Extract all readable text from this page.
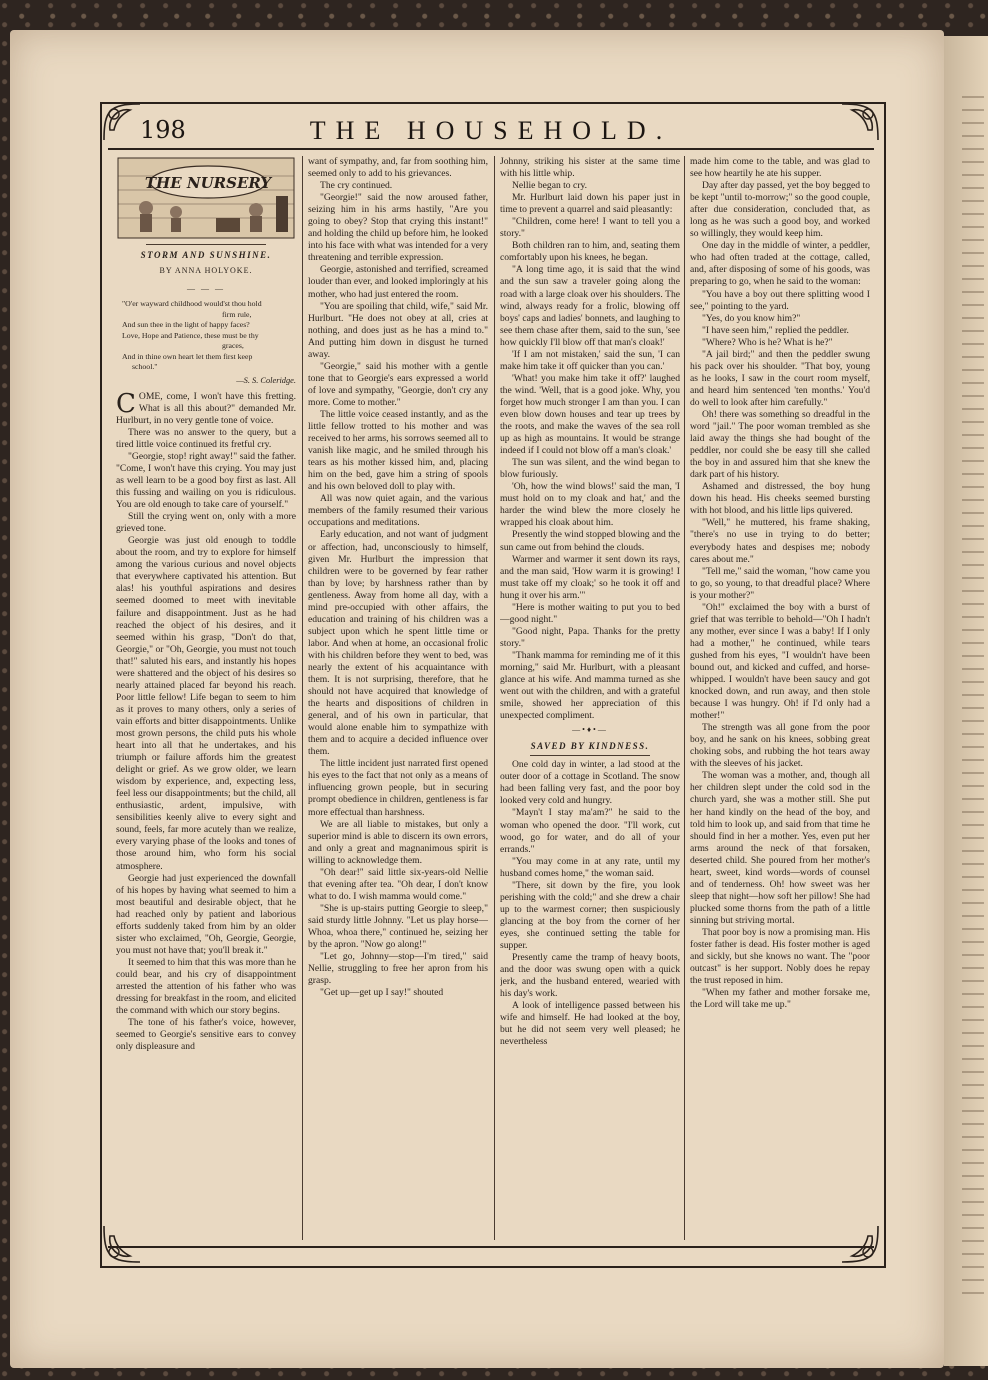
198	THE HOUSEHOLD.
THE NURSERY
STORM AND SUNSHINE.
BY ANNA HOLYOKE.
— — —
"O'er wayward childhood would'st thou hold
firm rule,
And sun thee in the light of happy faces?
Love, Hope and Patience, these must be thy
graces,
And in thine own heart let them first keep
school."
—S. S. Coleridge.

COME, come, I won't have this fretting. What is all this about?" demanded Mr. Hurlburt, in no very gentle tone of voice.

There was no answer to the query, but a tired little voice continued its fretful cry.

"Georgie, stop! right away!" said the father. "Come, I won't have this crying. You may just as well learn to be a good boy first as last. All this fussing and wailing on you is ridiculous. You are old enough to take care of yourself."

Still the crying went on, only with a more grieved tone.

Georgie was just old enough to toddle about the room, and try to explore for himself among the various curious and novel objects that everywhere captivated his attention. But alas! his youthful aspirations and desires seemed doomed to meet with inevitable failure and disappointment. Just as he had reached the object of his desires, and it seemed within his grasp, "Don't do that, Georgie," or "Oh, Georgie, you must not touch that!" saluted his ears, and instantly his hopes were shattered and the object of his desires so nearly attained placed far beyond his reach. Poor little fellow! Life began to seem to him as it proves to many others, only a series of vain efforts and bitter disappointments. Unlike most grown persons, the child puts his whole heart into all that he undertakes, and his triumph or failure affords him the greatest delight or grief. As we grow older, we learn wisdom by experience, and, expecting less, feel less our disappointments; but the child, all enthusiastic, ardent, impulsive, with sensibilities keenly alive to every sight and sound, feels, far more acutely than we realize, every varying phase of the looks and tones of those around him, who form his social atmosphere.

Georgie had just experienced the downfall of his hopes by having what seemed to him a most beautiful and desirable object, that he had reached only by patient and laborious efforts suddenly taked from him by an older sister who exclaimed, "Oh, Georgie, Georgie, you must not have that; you'll break it."

It seemed to him that this was more than he could bear, and his cry of disappointment arrested the attention of his father who was dressing for breakfast in the room, and elicited the command with which our story begins.

The tone of his father's voice, however, seemed to Georgie's sensitive ears to convey only displeasure and

want of sympathy, and, far from soothing him, seemed only to add to his grievances.

The cry continued.

"Georgie!" said the now aroused father, seizing him in his arms hastily, "Are you going to obey? Stop that crying this instant!" and holding the child up before him, he looked into his face with what was intended for a very threatening and terrible expression.

Georgie, astonished and terrified, screamed louder than ever, and looked imploringly at his mother, who had just entered the room.

"You are spoiling that child, wife," said Mr. Hurlburt. "He does not obey at all, cries at nothing, and does just as he has a mind to." And putting him down in disgust he turned away.

"Georgie," said his mother with a gentle tone that to Georgie's ears expressed a world of love and sympathy, "Georgie, don't cry any more. Come to mother."

The little voice ceased instantly, and as the little fellow trotted to his mother and was received to her arms, his sorrows seemed all to vanish like magic, and he smiled through his tears as his mother kissed him, and, placing him on the bed, gave him a string of spools and his own beloved doll to play with.

All was now quiet again, and the various members of the family resumed their various occupations and meditations.

Early education, and not want of judgment or affection, had, unconsciously to himself, given Mr. Hurlburt the impression that children were to be governed by fear rather than by love; by harshness rather than by gentleness. Away from home all day, with a mind pre-occupied with other affairs, the education and training of his children was a subject upon which he spent little time or labor. And when at home, an occasional frolic with his children before they went to bed, was nearly the extent of his acquaintance with them. It is not surprising, therefore, that he should not have acquired that knowledge of the hearts and dispositions of children in general, and of his own in particular, that would alone enable him to sympathize with them and to acquire a decided influence over them.

The little incident just narrated first opened his eyes to the fact that not only as a means of influencing grown people, but in securing prompt obedience in children, gentleness is far more effectual than harshness.

We are all liable to mistakes, but only a superior mind is able to discern its own errors, and only a great and magnanimous spirit is willing to acknowledge them.

"Oh dear!" said little six-years-old Nellie that evening after tea. "Oh dear, I don't know what to do. I wish mamma would come."

"She is up-stairs putting Georgie to sleep," said sturdy little Johnny. "Let us play horse—Whoa, whoa there," continued he, seizing her by the apron. "Now go along!"

"Let go, Johnny—stop—I'm tired," said Nellie, struggling to free her apron from his grasp.

"Get up—get up I say!" shouted

Johnny, striking his sister at the same time with his little whip.

Nellie began to cry.

Mr. Hurlburt laid down his paper just in time to prevent a quarrel and said pleasantly:

"Children, come here! I want to tell you a story."

Both children ran to him, and, seating them comfortably upon his knees, he began.

"A long time ago, it is said that the wind and the sun saw a traveler going along the road with a large cloak over his shoulders. The wind, always ready for a frolic, blowing off boys' caps and ladies' bonnets, and laughing to see them chase after them, said to the sun, 'see how quickly I'll blow off that man's cloak!'

'If I am not mistaken,' said the sun, 'I can make him take it off quicker than you can.'

'What! you make him take it off?' laughed the wind. 'Well, that is a good joke. Why, you forget how much stronger I am than you. I can even blow down houses and tear up trees by the roots, and make the waves of the sea roll up as high as mountains. It would be strange indeed if I could not blow off a man's cloak.'

The sun was silent, and the wind began to blow furiously.

'Oh, how the wind blows!' said the man, 'I must hold on to my cloak and hat,' and the harder the wind blew the more closely he wrapped his cloak about him.

Presently the wind stopped blowing and the sun came out from behind the clouds.

Warmer and warmer it sent down its rays, and the man said, 'How warm it is growing! I must take off my cloak;' so he took it off and hung it over his arm.'"

"Here is mother waiting to put you to bed—good night."

"Good night, Papa. Thanks for the pretty story."

"Thank mamma for reminding me of it this morning," said Mr. Hurlburt, with a pleasant glance at his wife. And mamma turned as she went out with the children, and with a grateful smile, showed her appreciation of this unexpected compliment.

—•♦•—
SAVED BY KINDNESS.

One cold day in winter, a lad stood at the outer door of a cottage in Scotland. The snow had been falling very fast, and the poor boy looked very cold and hungry.

"Mayn't I stay ma'am?" he said to the woman who opened the door. "I'll work, cut wood, go for water, and do all of your errands."

"You may come in at any rate, until my husband comes home," the woman said.

"There, sit down by the fire, you look perishing with the cold;" and she drew a chair up to the warmest corner; then suspiciously glancing at the boy from the corner of her eyes, she continued setting the table for supper.

Presently came the tramp of heavy boots, and the door was swung open with a quick jerk, and the husband entered, wearied with his day's work.

A look of intelligence passed between his wife and himself. He had looked at the boy, but he did not seem very well pleased; he nevertheless

made him come to the table, and was glad to see how heartily he ate his supper.

Day after day passed, yet the boy begged to be kept "until to-morrow;" so the good couple, after due consideration, concluded that, as long as he was such a good boy, and worked so willingly, they would keep him.

One day in the middle of winter, a peddler, who had often traded at the cottage, called, and, after disposing of some of his goods, was preparing to go, when he said to the woman:

"You have a boy out there splitting wood I see," pointing to the yard.

"Yes, do you know him?"

"I have seen him," replied the peddler.

"Where? Who is he? What is he?"

"A jail bird;" and then the peddler swung his pack over his shoulder. "That boy, young as he looks, I saw in the court room myself, and heard him sentenced 'ten months.' You'd do well to look after him carefully."

Oh! there was something so dreadful in the word "jail." The poor woman trembled as she laid away the things she had bought of the peddler, nor could she be easy till she called the boy in and assured him that she knew the dark part of his history.

Ashamed and distressed, the boy hung down his head. His cheeks seemed bursting with hot blood, and his little lips quivered.

"Well," he muttered, his frame shaking, "there's no use in trying to do better; everybody hates and despises me; nobody cares about me."

"Tell me," said the woman, "how came you to go, so young, to that dreadful place? Where is your mother?"

"Oh!" exclaimed the boy with a burst of grief that was terrible to behold—"Oh I hadn't any mother, ever since I was a baby! If I only had a mother," he continued, while tears gushed from his eyes, "I wouldn't have been bound out, and kicked and cuffed, and horse-whipped. I wouldn't have been saucy and got knocked down, and run away, and then stole because I was hungry. Oh! if I'd only had a mother!"

The strength was all gone from the poor boy, and he sank on his knees, sobbing great choking sobs, and rubbing the hot tears away with the sleeves of his jacket.

The woman was a mother, and, though all her children slept under the cold sod in the church yard, she was a mother still. She put her hand kindly on the head of the boy, and told him to look up, and said from that time he should find in her a mother. Yes, even put her arms around the neck of that forsaken, deserted child. She poured from her mother's heart, sweet, kind words—words of counsel and of tenderness. Oh! how sweet was her sleep that night—how soft her pillow! She had plucked some thorns from the path of a little sinning but striving mortal.

That poor boy is now a promising man. His foster father is dead. His foster mother is aged and sickly, but she knows no want. The "poor outcast" is her support. Nobly does he repay the trust reposed in him.

"When my father and mother forsake me, the Lord will take me up."
